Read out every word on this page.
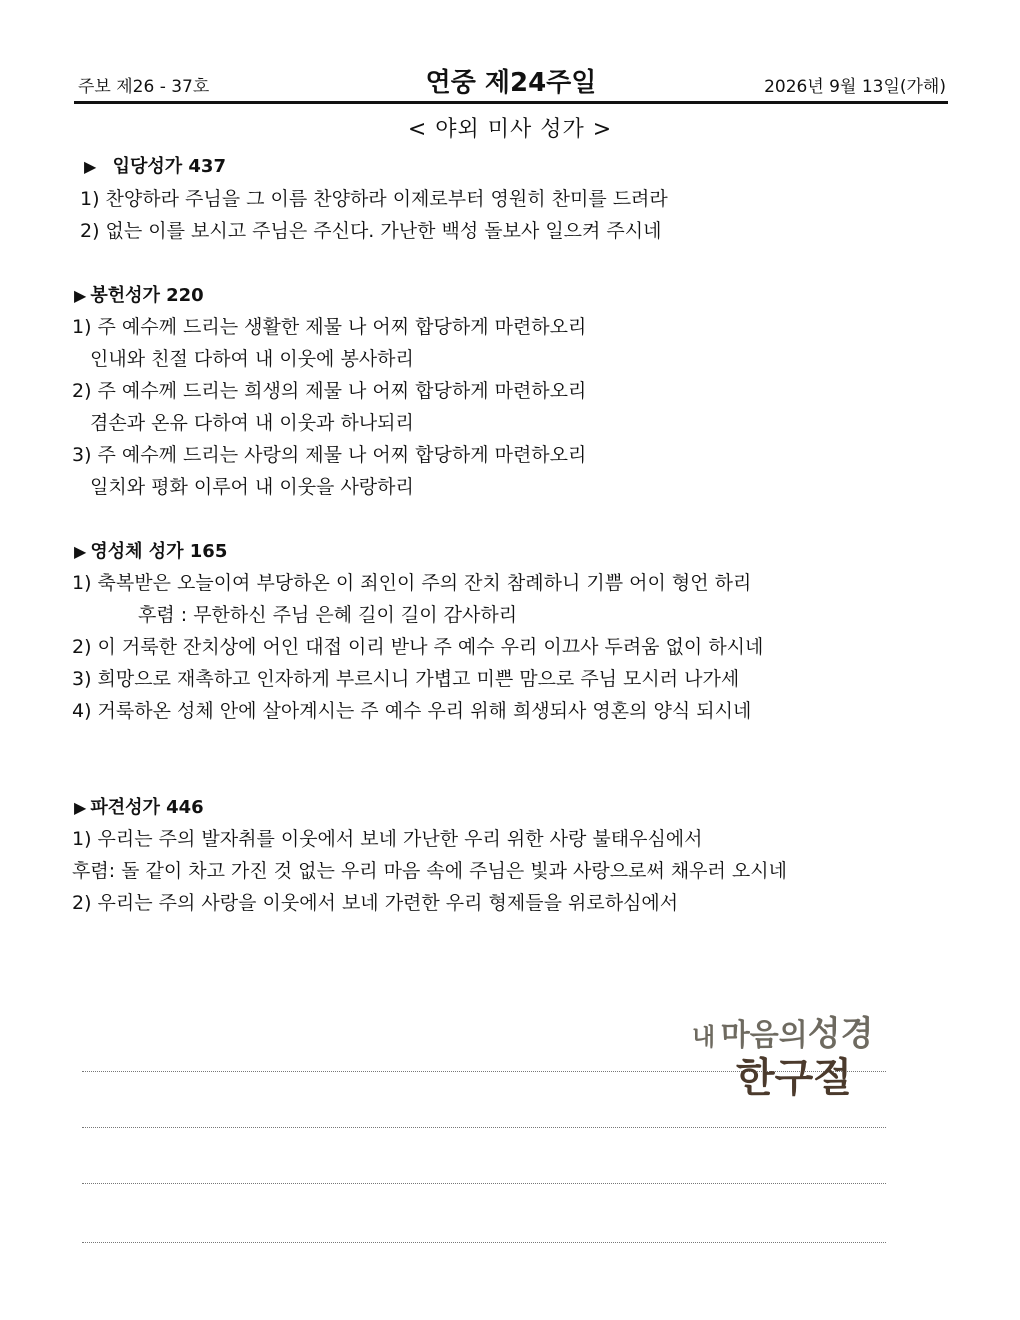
주보 제26 - 37호	연중 제24주일	2026년 9월 13일(가해)
< 야외 미사 성가 >
▶ 입당성가 437
1) 찬양하라 주님을 그 이름 찬양하라 이제로부터 영원히 찬미를 드려라
2) 없는 이를 보시고 주님은 주신다. 가난한 백성 돌보사 일으켜 주시네
▶ 봉헌성가 220
1) 주 예수께 드리는 생활한 제물 나 어찌 합당하게 마련하오리
인내와 친절 다하여 내 이웃에 봉사하리
2) 주 예수께 드리는 희생의 제물 나 어찌 합당하게 마련하오리
겸손과 온유 다하여 내 이웃과 하나되리
3) 주 예수께 드리는 사랑의 제물 나 어찌 합당하게 마련하오리
일치와 평화 이루어 내 이웃을 사랑하리
▶ 영성체 성가 165
1) 축복받은 오늘이여 부당하온 이 죄인이 주의 잔치 참례하니 기쁨 어이 형언 하리
후렴 : 무한하신 주님 은혜 길이 길이 감사하리
2) 이 거룩한 잔치상에 어인 대접 이리 받나 주 예수 우리 이끄사 두려움 없이 하시네
3) 희망으로 재촉하고 인자하게 부르시니 가볍고 미쁜 맘으로 주님 모시러 나가세
4) 거룩하온 성체 안에 살아계시는 주 예수 우리 위해 희생되사 영혼의 양식 되시네
▶ 파견성가 446
1) 우리는 주의 발자취를 이웃에서 보네 가난한 우리 위한 사랑 불태우심에서
후렴: 돌 같이 차고 가진 것 없는 우리 마음 속에 주님은 빛과 사랑으로써 채우러 오시네
2) 우리는 주의 사랑을 이웃에서 보네 가련한 우리 형제들을 위로하심에서
내 마음의성경
한구절
